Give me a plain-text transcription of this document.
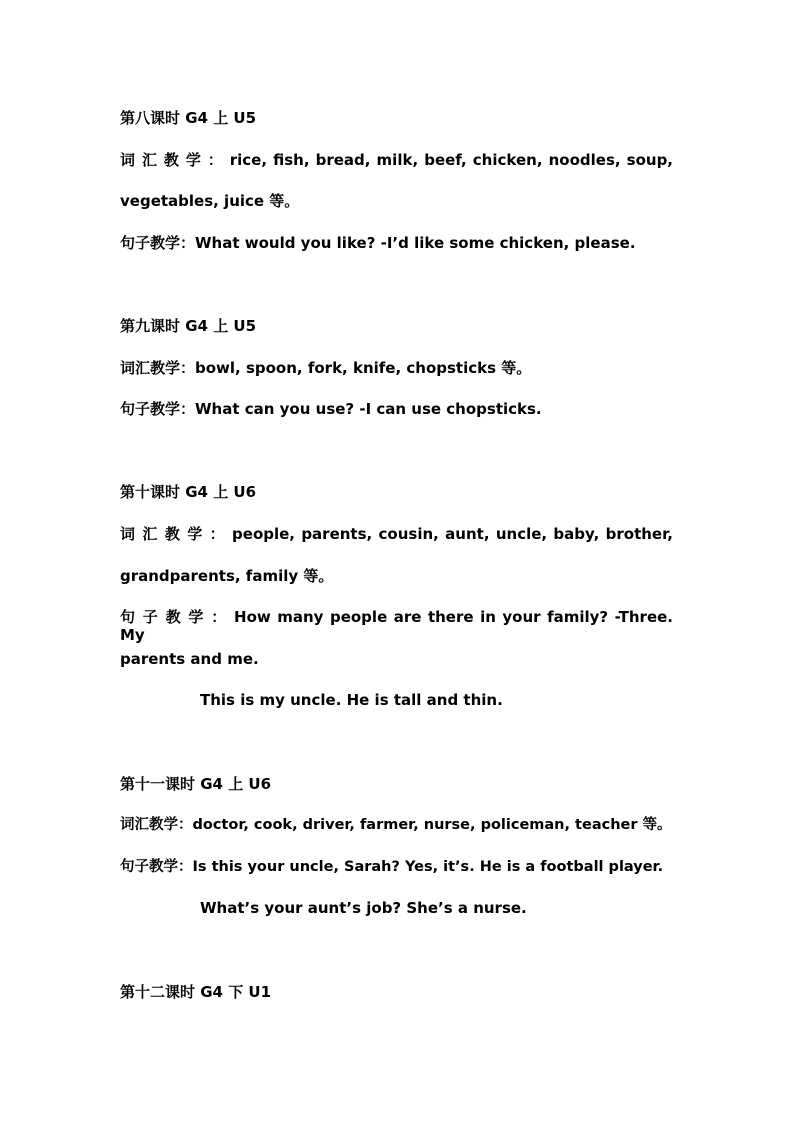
第八课时 G4 上 U5
词 汇 教 学 ： rice, fish, bread, milk, beef, chicken, noodles, soup,
vegetables, juice 等。
句子教学：What would you like? -I’d like some chicken, please.
第九课时 G4 上 U5
词汇教学：bowl, spoon, fork, knife, chopsticks 等。
句子教学：What can you use? -I can use chopsticks.
第十课时 G4 上 U6
词 汇 教 学 ： people, parents, cousin, aunt, uncle, baby, brother,
grandparents, family 等。
句 子 教 学 ： How many people are there in your family? -Three. My
parents and me.
This is my uncle. He is tall and thin.
第十一课时 G4 上 U6
词汇教学：doctor, cook, driver, farmer, nurse, policeman, teacher 等。
句子教学：Is this your uncle, Sarah? Yes, it’s. He is a football player.
What’s your aunt’s job? She’s a nurse.
第十二课时 G4 下 U1
